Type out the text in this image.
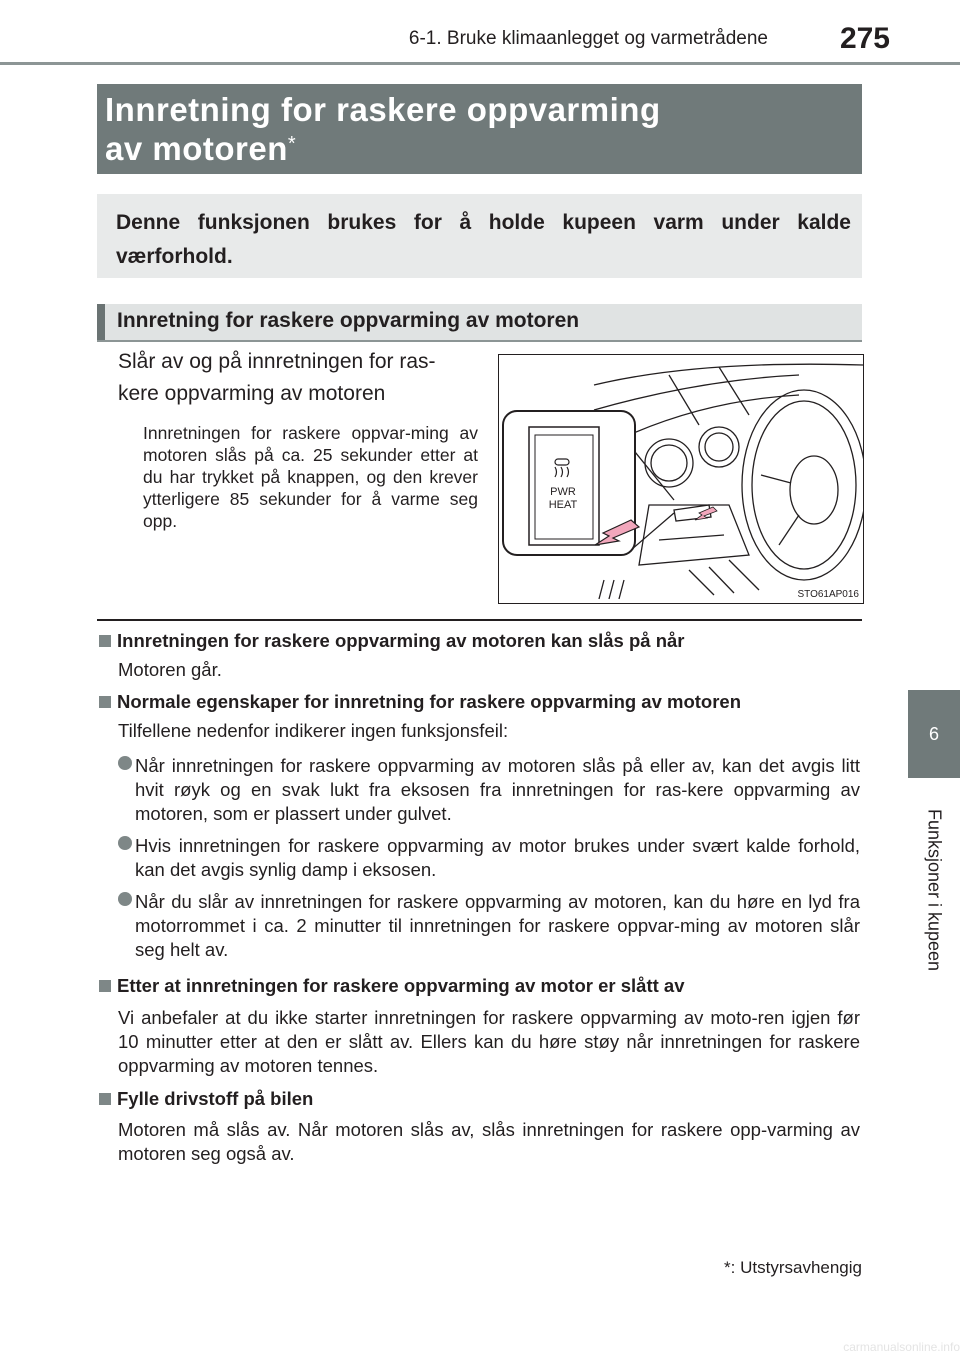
6-1. Bruke klimaanlegget og varmetrådene	275
6
Funksjoner i kupeen
Innretning for raskere oppvarming
av motoren*
Denne funksjonen brukes for å holde kupeen varm under kalde værforhold.
Innretning for raskere oppvarming av motoren
Slår av og på innretningen for ras-
kere oppvarming av motoren
Innretningen for raskere oppvar-ming av motoren slås på ca. 25 sekunder etter at du har trykket på knappen, og den krever ytterligere 85 sekunder for å varme seg opp.
PWR
HEAT
STO61AP016
Innretningen for raskere oppvarming av motoren kan slås på når
Motoren går.
Normale egenskaper for innretning for raskere oppvarming av motoren
Tilfellene nedenfor indikerer ingen funksjonsfeil:
Når innretningen for raskere oppvarming av motoren slås på eller av, kan det avgis litt hvit røyk og en svak lukt fra eksosen fra innretningen for ras-kere oppvarming av motoren, som er plassert under gulvet.
Hvis innretningen for raskere oppvarming av motor brukes under svært kalde forhold, kan det avgis synlig damp i eksosen.
Når du slår av innretningen for raskere oppvarming av motoren, kan du høre en lyd fra motorrommet i ca. 2 minutter til innretningen for raskere oppvar-ming av motoren slår seg helt av.
Etter at innretningen for raskere oppvarming av motor er slått av
Vi anbefaler at du ikke starter innretningen for raskere oppvarming av moto-ren igjen før 10 minutter etter at den er slått av. Ellers kan du høre støy når innretningen for raskere oppvarming av motoren tennes.
Fylle drivstoff på bilen
Motoren må slås av. Når motoren slås av, slås innretningen for raskere opp-varming av motoren seg også av.
*: Utstyrsavhengig
carmanualsonline.info
